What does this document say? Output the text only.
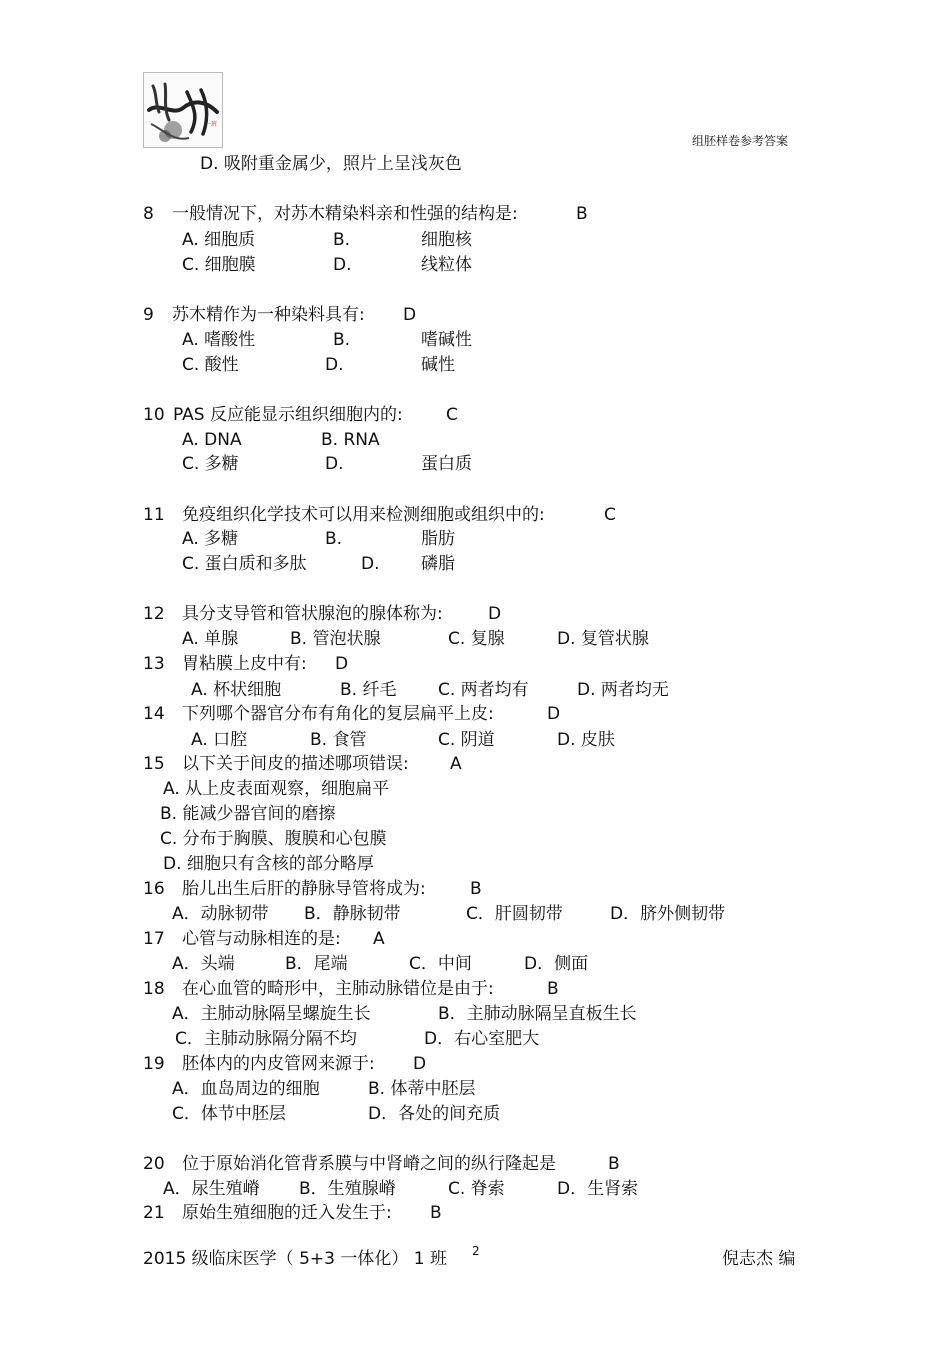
一班
组胚样卷参考答案
D. 吸附重金属少，照片上呈浅灰色
8 一般情况下，对苏木精染料亲和性强的结构是:	B
A. 细胞质	B.	细胞核
C. 细胞膜	D.	线粒体
9 苏木精作为一种染料具有: D
A. 嗜酸性	B.	嗜碱性
C. 酸性	D.	碱性
10 PAS 反应能显示组织细胞内的:	C
A. DNA	B. RNA
C. 多糖	D.	蛋白质
11 免疫组织化学技术可以用来检测细胞或组织中的:	C
A. 多糖	B.	脂肪
C. 蛋白质和多肽	D. 磷脂
12 具分支导管和管状腺泡的腺体称为:	D
A. 单腺	B. 管泡状腺	C. 复腺	D. 复管状腺
13 胃粘膜上皮中有: D
A. 杯状细胞	B. 纤毛 C. 两者均有	D. 两者均无
14 下列哪个器官分布有角化的复层扁平上皮:	D
A. 口腔	B. 食管	C. 阴道	D. 皮肤
15 以下关于间皮的描述哪项错误: A
A. 从上皮表面观察，细胞扁平
B. 能减少器官间的磨擦
C. 分布于胸膜、腹膜和心包膜
D. 细胞只有含核的部分略厚
16 胎儿出生后肝的静脉导管将成为:	B
A．动脉韧带 B．静脉韧带	C．肝圆韧带	D．脐外侧韧带
17 心管与动脉相连的是: A
A．头端	B．尾端	C．中间	D．侧面
18 在心血管的畸形中，主肺动脉错位是由于:	B
A．主肺动脉隔呈螺旋生长	B．主肺动脉隔呈直板生长
C．主肺动脉隔分隔不均	D．右心室肥大
19 胚体内的内皮管网来源于: D
A．血岛周边的细胞	B. 体蒂中胚层
C．体节中胚层	D．各处的间充质
20 位于原始消化管背系膜与中肾嵴之间的纵行隆起是	B
A．尿生殖嵴 B．生殖腺嵴	C. 脊索	D．生肾索
21 原始生殖细胞的迁入发生于: B
2015 级临床医学（ 5+3 一体化） 1 班 2	倪志杰 编
